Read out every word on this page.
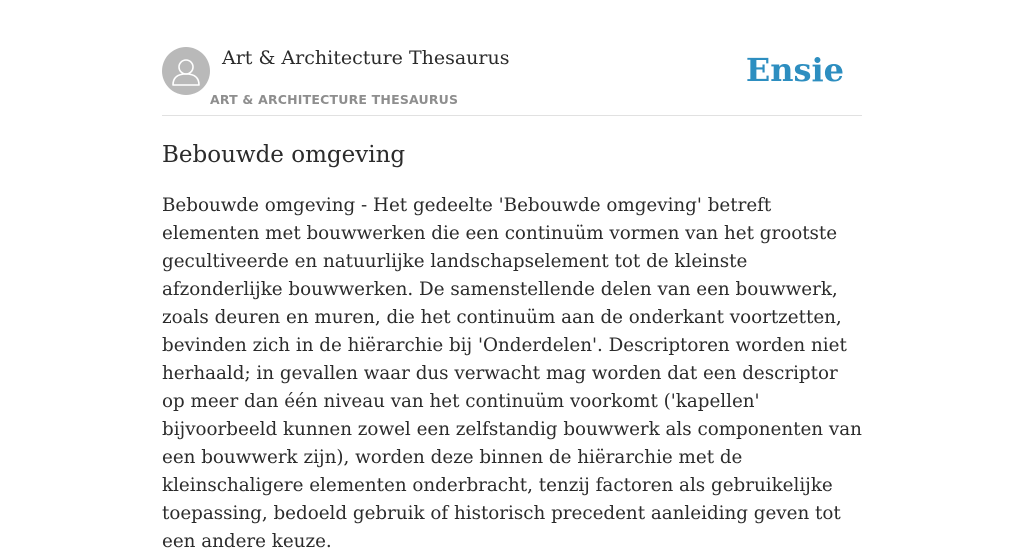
Art & Architecture Thesaurus
ART & ARCHITECTURE THESAURUS
Ensie
Bebouwde omgeving

Bebouwde omgeving - Het gedeelte 'Bebouwde omgeving' betreft elementen met bouwwerken die een continuüm vormen van het grootste gecultiveerde en natuurlijke landschapselement tot de kleinste afzonderlijke bouwwerken. De samenstellende delen van een bouwwerk, zoals deuren en muren, die het continuüm aan de onderkant voortzetten, bevinden zich in de hiërarchie bij 'Onderdelen'. Descriptoren worden niet herhaald; in gevallen waar dus verwacht mag worden dat een descriptor op meer dan één niveau van het continuüm voorkomt ('kapellen' bijvoorbeeld kunnen zowel een zelfstandig bouwwerk als componenten van een bouwwerk zijn), worden deze binnen de hiërarchie met de kleinschaligere elementen onderbracht, tenzij factoren als gebruikelijke toepassing, bedoeld gebruik of historisch precedent aanleiding geven tot een andere keuze.
